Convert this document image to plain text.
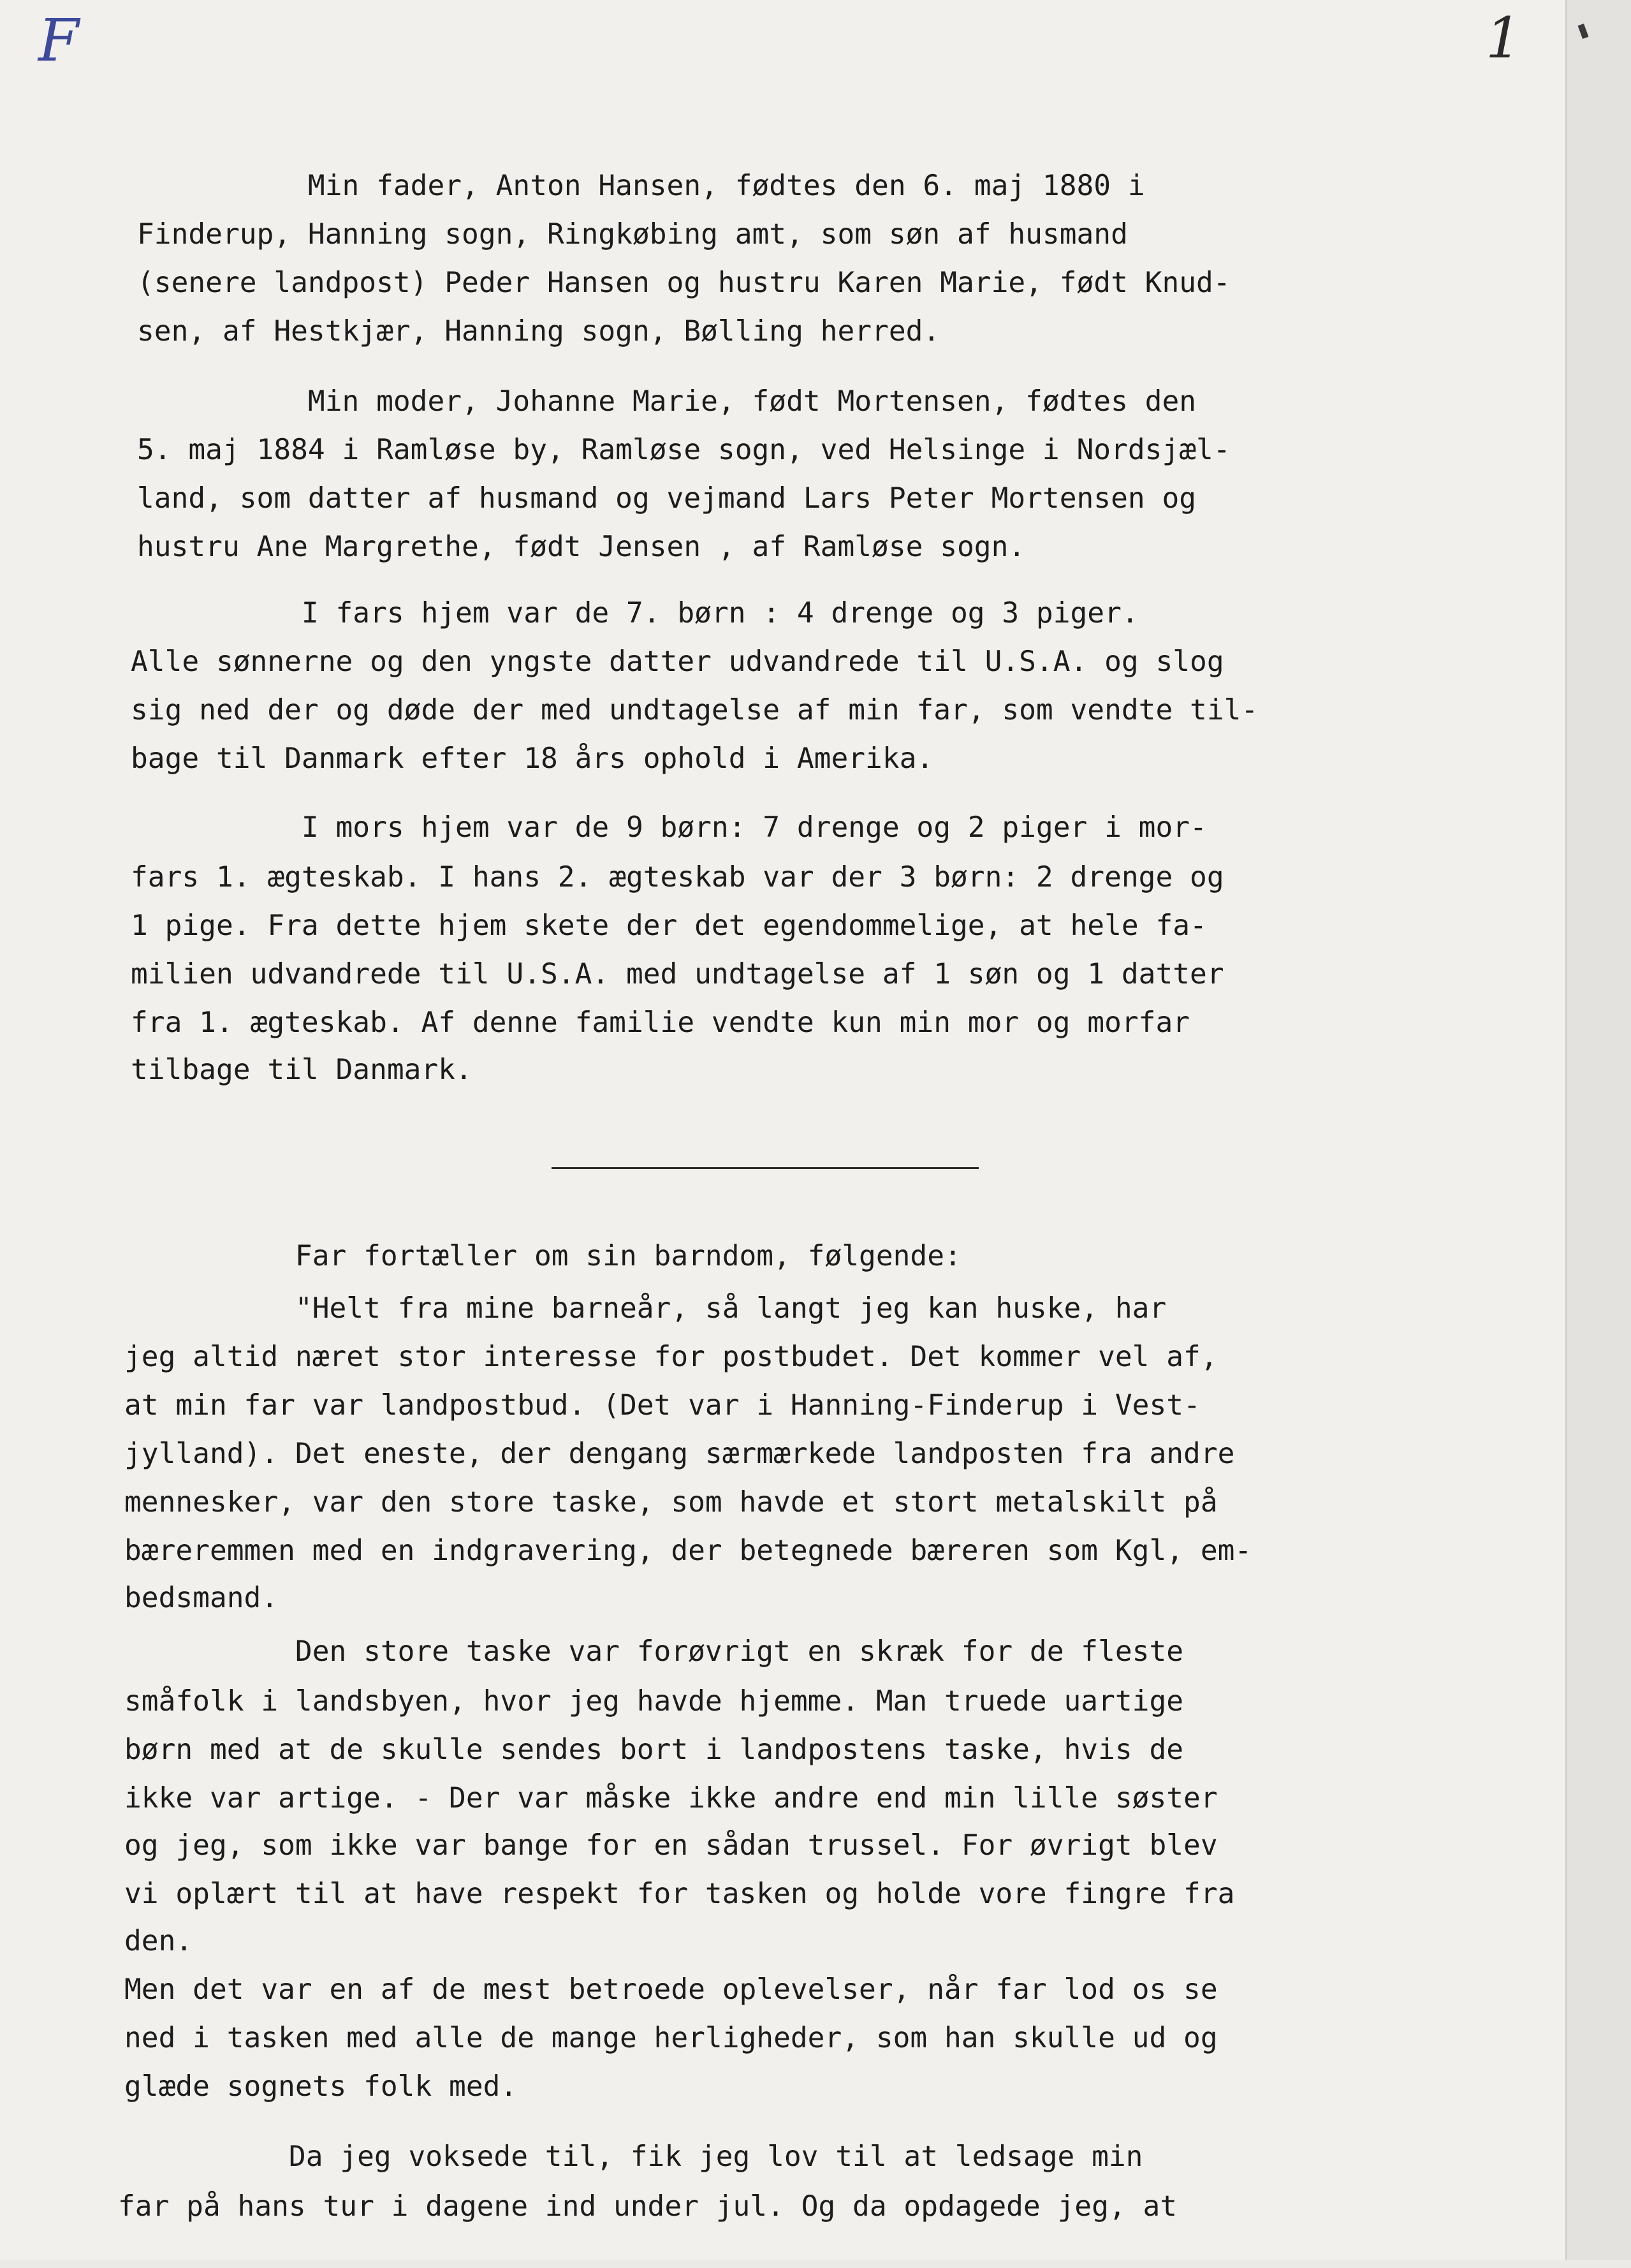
F	1

Min fader, Anton Hansen, fødtes den 6. maj 1880 i

Finderup, Hanning sogn, Ringkøbing amt, som søn af husmand

(senere landpost) Peder Hansen og hustru Karen Marie, født Knud-

sen, af Hestkjær, Hanning sogn, Bølling herred.

Min moder, Johanne Marie, født Mortensen, fødtes den

5. maj 1884 i Ramløse by, Ramløse sogn, ved Helsinge i Nordsjæl-

land, som datter af husmand og vejmand Lars Peter Mortensen og

hustru Ane Margrethe, født Jensen , af Ramløse sogn.

I fars hjem var de 7. børn : 4 drenge og 3 piger.

Alle sønnerne og den yngste datter udvandrede til U.S.A. og slog

sig ned der og døde der med undtagelse af min far, som vendte til-

bage til Danmark efter 18 års ophold i Amerika.

I mors hjem var de 9 børn: 7 drenge og 2 piger i mor-

fars 1. ægteskab. I hans 2. ægteskab var der 3 børn: 2 drenge og

1 pige. Fra dette hjem skete der det egendommelige, at hele fa-

milien udvandrede til U.S.A. med undtagelse af 1 søn og 1 datter

fra 1. ægteskab. Af denne familie vendte kun min mor og morfar

tilbage til Danmark.

Far fortæller om sin barndom, følgende:

"Helt fra mine barneår, så langt jeg kan huske, har

jeg altid næret stor interesse for postbudet. Det kommer vel af,

at min far var landpostbud. (Det var i Hanning-Finderup i Vest-

jylland). Det eneste, der dengang særmærkede landposten fra andre

mennesker, var den store taske, som havde et stort metalskilt på

bæreremmen med en indgravering, der betegnede bæreren som Kgl, em-

bedsmand.

Den store taske var forøvrigt en skræk for de fleste

småfolk i landsbyen, hvor jeg havde hjemme. Man truede uartige

børn med at de skulle sendes bort i landpostens taske, hvis de

ikke var artige. - Der var måske ikke andre end min lille søster

og jeg, som ikke var bange for en sådan trussel. For øvrigt blev

vi oplært til at have respekt for tasken og holde vore fingre fra

den.

Men det var en af de mest betroede oplevelser, når far lod os se

ned i tasken med alle de mange herligheder, som han skulle ud og

glæde sognets folk med.

Da jeg voksede til, fik jeg lov til at ledsage min

far på hans tur i dagene ind under jul. Og da opdagede jeg, at
